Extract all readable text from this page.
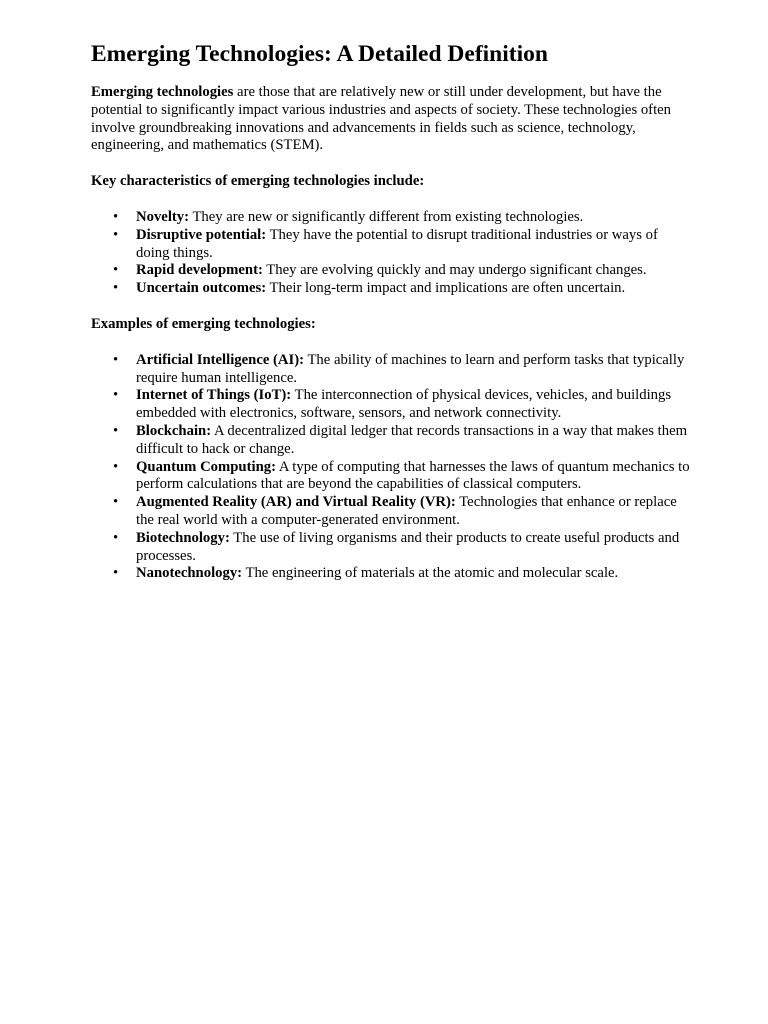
Emerging Technologies: A Detailed Definition

Emerging technologies are those that are relatively new or still under development, but have the potential to significantly impact various industries and aspects of society. These technologies often involve groundbreaking innovations and advancements in fields such as science, technology, engineering, and mathematics (STEM).

Key characteristics of emerging technologies include:

• Novelty: They are new or significantly different from existing technologies.
• Disruptive potential: They have the potential to disrupt traditional industries or ways of doing things.
• Rapid development: They are evolving quickly and may undergo significant changes.
• Uncertain outcomes: Their long-term impact and implications are often uncertain.

Examples of emerging technologies:

• Artificial Intelligence (AI): The ability of machines to learn and perform tasks that typically require human intelligence.
• Internet of Things (IoT): The interconnection of physical devices, vehicles, and buildings embedded with electronics, software, sensors, and network connectivity.
• Blockchain: A decentralized digital ledger that records transactions in a way that makes them difficult to hack or change.
• Quantum Computing: A type of computing that harnesses the laws of quantum mechanics to perform calculations that are beyond the capabilities of classical computers.
• Augmented Reality (AR) and Virtual Reality (VR): Technologies that enhance or replace the real world with a computer-generated environment.
• Biotechnology: The use of living organisms and their products to create useful products and processes.
• Nanotechnology: The engineering of materials at the atomic and molecular scale.
